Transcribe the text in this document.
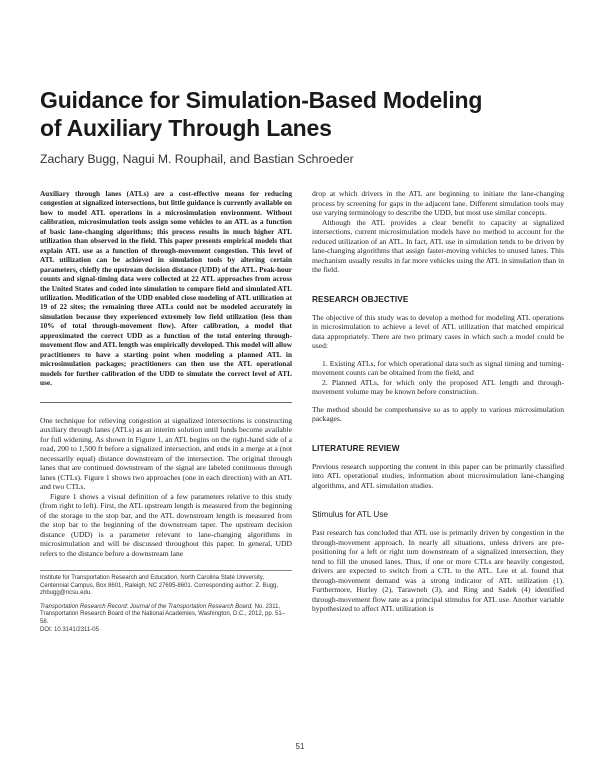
Guidance for Simulation-Based Modeling
of Auxiliary Through Lanes
Zachary Bugg, Nagui M. Rouphail, and Bastian Schroeder

Auxiliary through lanes (ATLs) are a cost-effective means for reducing congestion at signalized intersections, but little guidance is currently available on how to model ATL operations in a microsimulation environment. Without calibration, microsimulation tools assign some vehicles to an ATL as a function of basic lane-changing algorithms; this process results in much higher ATL utilization than observed in the field. This paper presents empirical models that explain ATL use as a function of through-movement congestion. This level of ATL utilization can be achieved in simulation tools by altering certain parameters, chiefly the upstream decision distance (UDD) of the ATL. Peak-hour counts and signal-timing data were collected at 22 ATL approaches from across the United States and coded into simulation to compare field and simulated ATL utilization. Modification of the UDD enabled close modeling of ATL utilization at 19 of 22 sites; the remaining three ATLs could not be modeled accurately in simulation because they experienced extremely low field utilization (less than 10% of total through-movement flow). After calibration, a model that approximated the correct UDD as a function of the total entering through-movement flow and ATL length was empirically developed. This model will allow practitioners to have a starting point when modeling a planned ATL in microsimulation packages; practitioners can then use the ATL operational models for further calibration of the UDD to simulate the correct level of ATL use.

One technique for relieving congestion at signalized intersections is constructing auxiliary through lanes (ATLs) as an interim solution until funds become available for full widening. As shown in Figure 1, an ATL begins on the right-hand side of a road, 200 to 1,500 ft before a signalized intersection, and ends in a merge at a (not necessarily equal) distance downstream of the intersection. The original through lanes that are continued downstream of the signal are labeled continuous through lanes (CTLs). Figure 1 shows two approaches (one in each direction) with an ATL and two CTLs.

Figure 1 shows a visual definition of a few parameters relative to this study (from right to left). First, the ATL upstream length is measured from the beginning of the storage to the stop bar, and the ATL downstream length is measured from the stop bar to the beginning of the downstream taper. The upstream decision distance (UDD) is a parameter relevant to lane-changing algorithms in microsimulation and will be discussed throughout this paper. In general, UDD refers to the distance before a downstream lane

Institute for Transportation Research and Education, North Carolina State University, Centennial Campus, Box 8601, Raleigh, NC 27695-8601. Corresponding author: Z. Bugg, zhbugg@ncsu.edu.

Transportation Research Record: Journal of the Transportation Research Board, No. 2311, Transportation Research Board of the National Academies, Washington, D.C., 2012, pp. 51–58.

DOI: 10.3141/2311-05

drop at which drivers in the ATL are beginning to initiate the lane-changing process by screening for gaps in the adjacent lane. Different simulation tools may use varying terminology to describe the UDD, but most use similar concepts.

Although the ATL provides a clear benefit to capacity at signalized intersections, current microsimulation models have no method to account for the reduced utilization of an ATL. In fact, ATL use in simulation tends to be driven by lane-changing algorithms that assign faster-moving vehicles to unused lanes. This mechanism usually results in far more vehicles using the ATL in simulation than in the field.

RESEARCH OBJECTIVE

The objective of this study was to develop a method for modeling ATL operations in microsimulation to achieve a level of ATL utilization that matched empirical data appropriately. There are two primary cases in which such a model could be used:

1. Existing ATLs, for which operational data such as signal timing and turning-movement counts can be obtained from the field, and

2. Planned ATLs, for which only the proposed ATL length and through-movement volume may be known before construction.

The method should be comprehensive so as to apply to various microsimulation packages.

LITERATURE REVIEW

Previous research supporting the content in this paper can be primarily classified into ATL operational studies, information about microsimulation lane-changing algorithms, and ATL simulation studies.

Stimulus for ATL Use

Past research has concluded that ATL use is primarily driven by congestion in the through-movement approach. In nearly all situations, unless drivers are pre-positioning for a left or right turn downstream of a signalized intersection, they tend to fill the unused lanes. Thus, if one or more CTLs are heavily congested, drivers are expected to switch from a CTL to the ATL. Lee et al. found that through-movement demand was a strong indicator of ATL utilization (1). Furthermore, Hurley (2), Tarawneh (3), and Ring and Sadek (4) identified through-movement flow rate as a principal stimulus for ATL use. Another variable hypothesized to affect ATL utilization is

51
